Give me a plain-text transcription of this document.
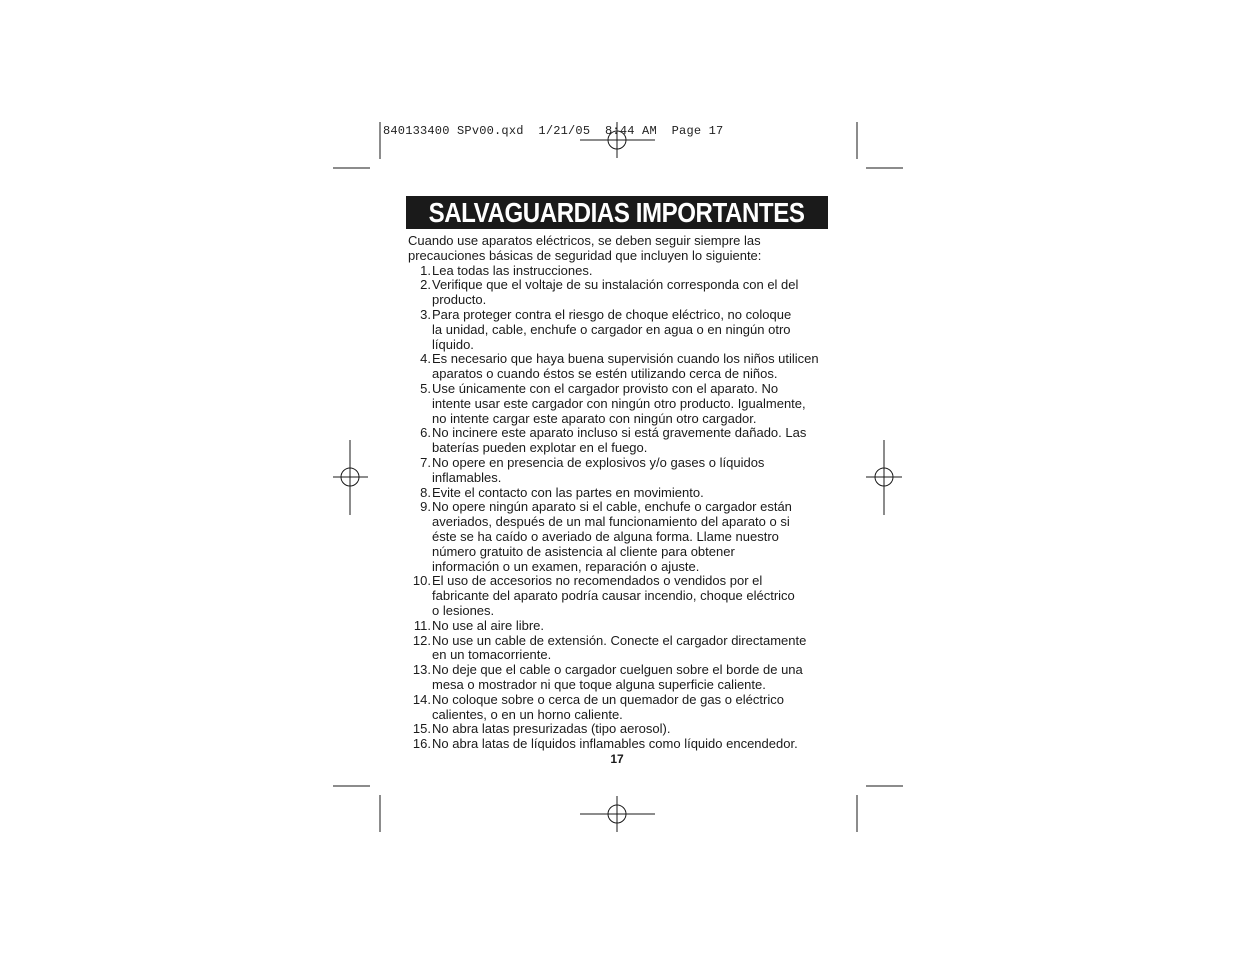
840133400 SPv00.qxd  1/21/05  8:44 AM  Page 17
SALVAGUARDIAS IMPORTANTES

Cuando use aparatos eléctricos, se deben seguir siempre las precauciones básicas de seguridad que incluyen lo siguiente:

1. Lea todas las instrucciones.
2. Verifique que el voltaje de su instalación corresponda con el del
producto.
3. Para proteger contra el riesgo de choque eléctrico, no coloque
la unidad, cable, enchufe o cargador en agua o en ningún otro
líquido.
4. Es necesario que haya buena supervisión cuando los niños utilicen
aparatos o cuando éstos se estén utilizando cerca de niños.
5. Use únicamente con el cargador provisto con el aparato. No
intente usar este cargador con ningún otro producto. Igualmente,
no intente cargar este aparato con ningún otro cargador.
6. No incinere este aparato incluso si está gravemente dañado. Las
baterías pueden explotar en el fuego.
7. No opere en presencia de explosivos y/o gases o líquidos
inflamables.
8. Evite el contacto con las partes en movimiento.
9. No opere ningún aparato si el cable, enchufe o cargador están
averiados, después de un mal funcionamiento del aparato o si
éste se ha caído o averiado de alguna forma. Llame nuestro
número gratuito de asistencia al cliente para obtener
información o un examen, reparación o ajuste.
10. El uso de accesorios no recomendados o vendidos por el
fabricante del aparato podría causar incendio, choque eléctrico
o lesiones.
11. No use al aire libre.
12. No use un cable de extensión. Conecte el cargador directamente
en un tomacorriente.
13. No deje que el cable o cargador cuelguen sobre el borde de una
mesa o mostrador ni que toque alguna superficie caliente.
14. No coloque sobre o cerca de un quemador de gas o eléctrico
calientes, o en un horno caliente.
15. No abra latas presurizadas (tipo aerosol).
16. No abra latas de líquidos inflamables como líquido encendedor.
17
